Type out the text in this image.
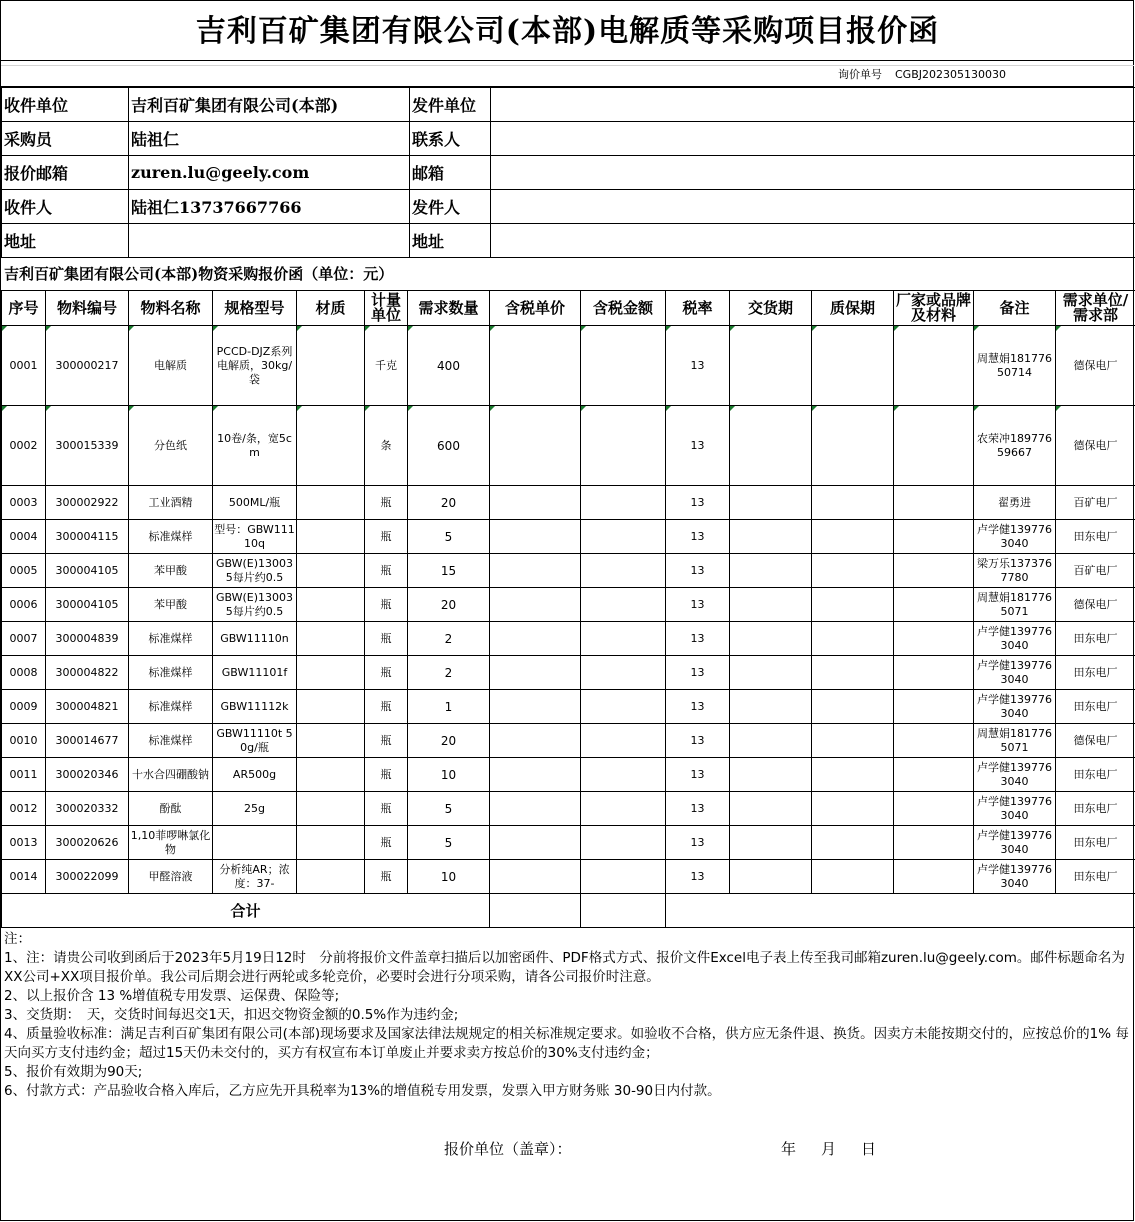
吉利百矿集团有限公司(本部)电解质等采购项目报价函
询价单号 CGBJ202305130030
收件单位	吉利百矿集团有限公司(本部)	发件单位	
采购员	陆祖仁	联系人	
报价邮箱	zuren.lu@geely.com	邮箱	
收件人	陆祖仁13737667766	发件人	
地址		地址	
吉利百矿集团有限公司(本部)物资采购报价函（单位：元）
序号	物料编号	物料名称	规格型号	材质	计量单位	需求数量	含税单价	含税金额	税率	交货期	质保期	厂家或品牌及材料	备注	需求单位/需求部
0001	300000217	电解质	PCCD-DJZ系列电解质，30kg/袋		千克	400			13				周慧娟18177650714	德保电厂
0002	300015339	分色纸	10卷/条，宽5cm		条	600			13				农荣冲18977659667	德保电厂

0003	300002922	工业酒精	500ML/瓶		瓶	20			13				翟勇进	百矿电厂

0004	300004115	标准煤样	型号：GBW11110q		瓶	5			13				卢学健1397763040	田东电厂

0005	300004105	苯甲酸	GBW(E)130035每片约0.5		瓶	15			13				梁万乐1373767780	百矿电厂

0006	300004105	苯甲酸	GBW(E)130035每片约0.5		瓶	20			13				周慧娟1817765071	德保电厂

0007	300004839	标准煤样	GBW11110n		瓶	2			13				卢学健1397763040	田东电厂

0008	300004822	标准煤样	GBW11101f		瓶	2			13				卢学健1397763040	田东电厂

0009	300004821	标准煤样	GBW11112k		瓶	1			13				卢学健1397763040	田东电厂

0010	300014677	标准煤样	GBW11110t 50g/瓶		瓶	20			13				周慧娟1817765071	德保电厂

0011	300020346	十水合四硼酸钠	AR500g		瓶	10			13				卢学健1397763040	田东电厂

0012	300020332	酚酞	25g		瓶	5			13				卢学健1397763040	田东电厂

0013	300020626	1,10菲啰啉氯化物			瓶	5			13				卢学健1397763040	田东电厂

0014	300022099	甲醛溶液	分析纯AR；浓度：37-		瓶	10			13				卢学健1397763040	田东电厂

合计														
注：
1、注：请贵公司收到函后于2023年5月19日12时　分前将报价文件盖章扫描后以加密函件、PDF格式方式、报价文件Excel电子表上传至我司邮箱zuren.lu@geely.com。邮件标题命名为XX公司+XX项目报价单。我公司后期会进行两轮或多轮竞价，必要时会进行分项采购，请各公司报价时注意。
2、以上报价含 13 %增值税专用发票、运保费、保险等;
3、交货期：　天，交货时间每迟交1天，扣迟交物资金额的0.5%作为违约金;
4、质量验收标准：满足吉利百矿集团有限公司(本部)现场要求及国家法律法规规定的相关标准规定要求。如验收不合格，供方应无条件退、换货。因卖方未能按期交付的，应按总价的1% 每天向买方支付违约金；超过15天仍未交付的，买方有权宣布本订单废止并要求卖方按总价的30%支付违约金；
5、报价有效期为90天;
6、付款方式：产品验收合格入库后，乙方应先开具税率为13%的增值税专用发票，发票入甲方财务账 30-90日内付款。
报价单位（盖章）：	年 月 日
